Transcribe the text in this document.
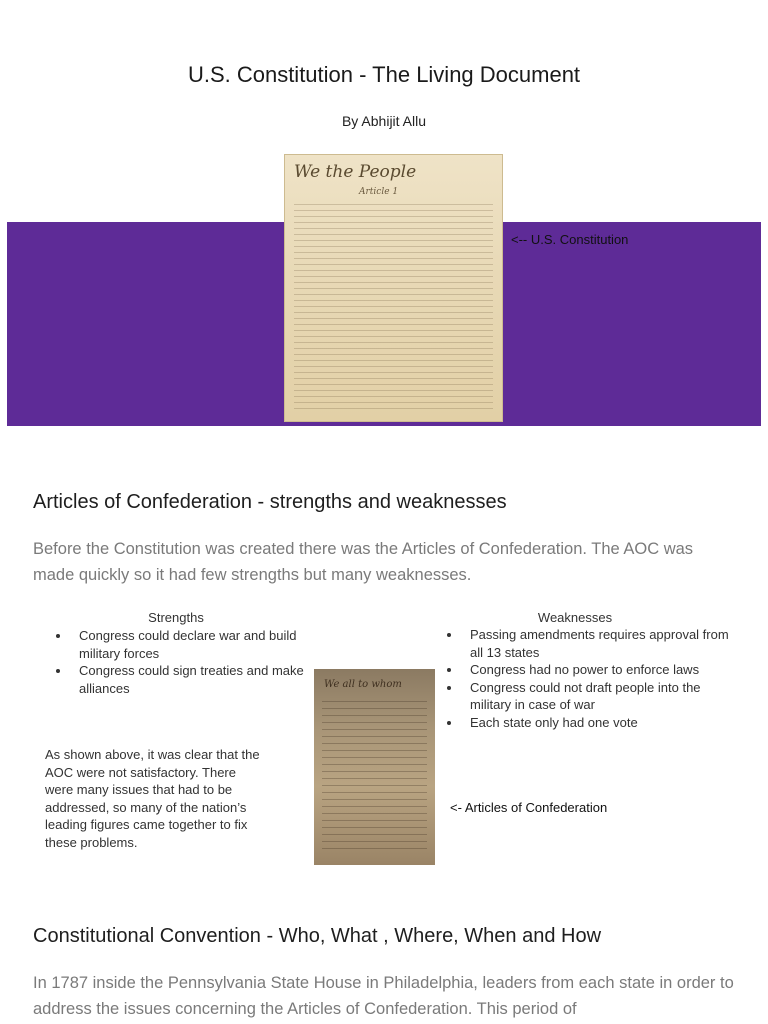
U.S. Constitution - The Living Document
By Abhijit Allu
We the People
Article 1
<-- U.S. Constitution
Articles of Confederation - strengths and weaknesses
Before the Constitution was created there was the Articles of Confederation. The AOC was made quickly so it had few strengths but many weaknesses.
Strengths
• Congress could declare war and build military forces
• Congress could sign treaties and make alliances
Weaknesses
• Passing amendments requires approval from all 13 states
• Congress had no power to enforce laws
• Congress could not draft people into the military in case of war
• Each state only had one vote
We all to whom
As shown above, it was clear that the AOC were not satisfactory. There were many issues that had to be addressed, so many of the nation’s leading figures came together to fix these problems.
<- Articles of Confederation
Constitutional Convention - Who, What , Where, When and How
In 1787 inside the Pennsylvania State House in Philadelphia, leaders from each state in order to address the issues concerning the Articles of Confederation. This period of
